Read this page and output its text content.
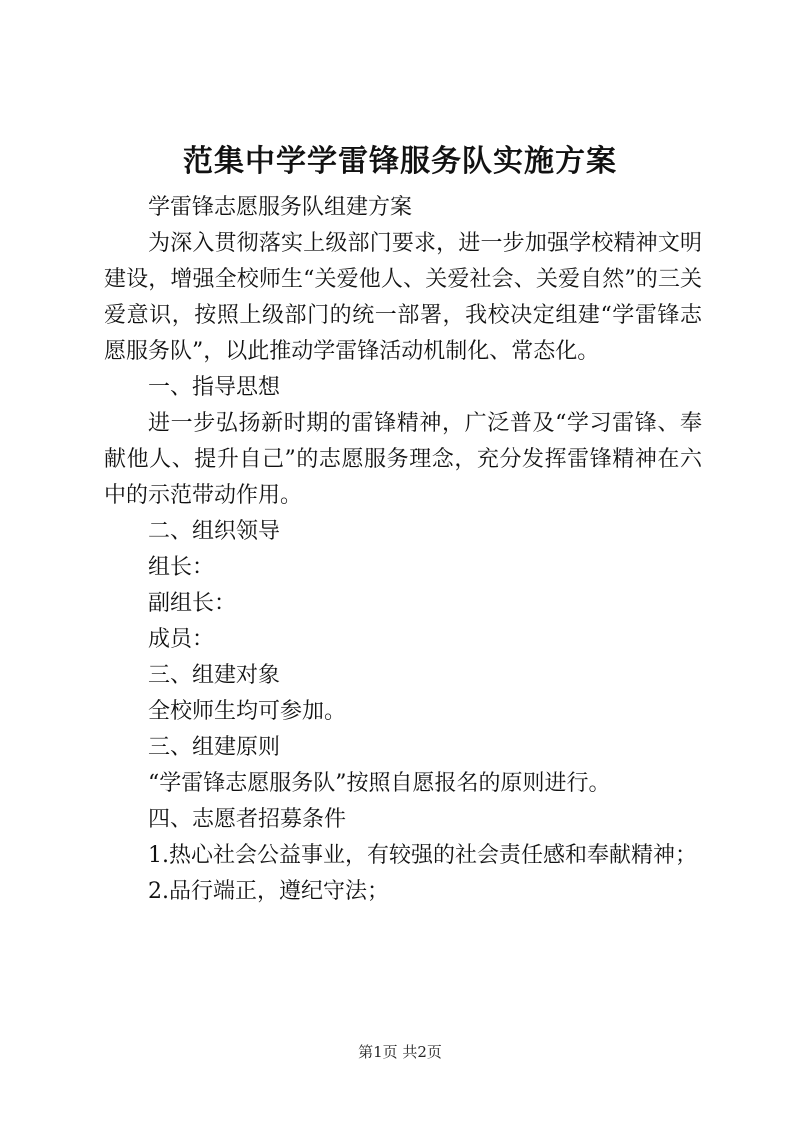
范集中学学雷锋服务队实施方案

学雷锋志愿服务队组建方案

为深入贯彻落实上级部门要求，进一步加强学校精神文明建设，增强全校师生“关爱他人、关爱社会、关爱自然”的三关爱意识，按照上级部门的统一部署，我校决定组建“学雷锋志愿服务队”，以此推动学雷锋活动机制化、常态化。

一、指导思想

进一步弘扬新时期的雷锋精神，广泛普及“学习雷锋、奉献他人、提升自己”的志愿服务理念，充分发挥雷锋精神在六中的示范带动作用。

二、组织领导

组长：

副组长：

成员：

三、组建对象

全校师生均可参加。

三、组建原则

“学雷锋志愿服务队”按照自愿报名的原则进行。

四、志愿者招募条件

1.热心社会公益事业，有较强的社会责任感和奉献精神；

2.品行端正，遵纪守法；

第1页 共2页
